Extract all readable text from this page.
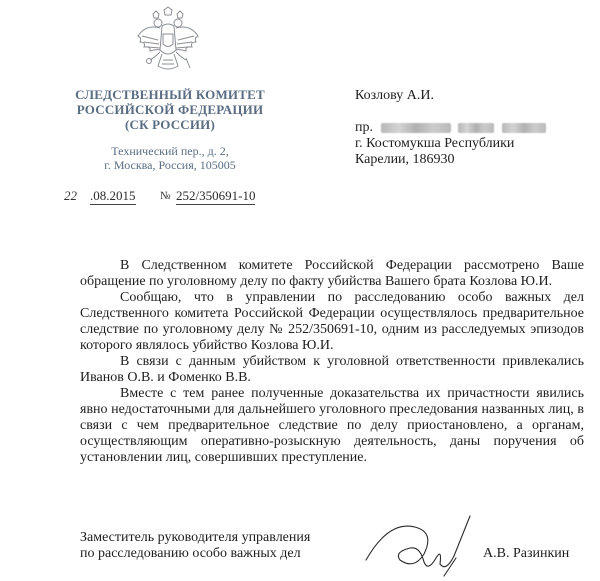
СЛЕДСТВЕННЫЙ КОМИТЕТ
РОССИЙСКОЙ ФЕДЕРАЦИИ
(СК РОССИИ)
Технический пер., д. 2,
г. Москва, Россия, 105005
22 .08.2015 № 252/350691-10
Козлову А.И.
пр.
г. Костомукша Республики
Карелии, 186930

В Следственном комитете Российской Федерации рассмотрено Ваше обращение по уголовному делу по факту убийства Вашего брата Козлова Ю.И.

Сообщаю, что в управлении по расследованию особо важных дел Следственного комитета Российской Федерации осуществлялось предварительное следствие по уголовному делу № 252/350691-10, одним из расследуемых эпизодов которого являлось убийство Козлова Ю.И.

В связи с данным убийством к уголовной ответственности привлекались Иванов О.В. и Фоменко В.В.

Вместе с тем ранее полученные доказательства их причастности явились явно недостаточными для дальнейшего уголовного преследования названных лиц, в связи с чем предварительное следствие по делу приостановлено, а органам, осуществляющим оперативно-розыскную деятельность, даны поручения об установлении лиц, совершивших преступление.

Заместитель руководителя управления
по расследованию особо важных дел	А.В. Разинкин
